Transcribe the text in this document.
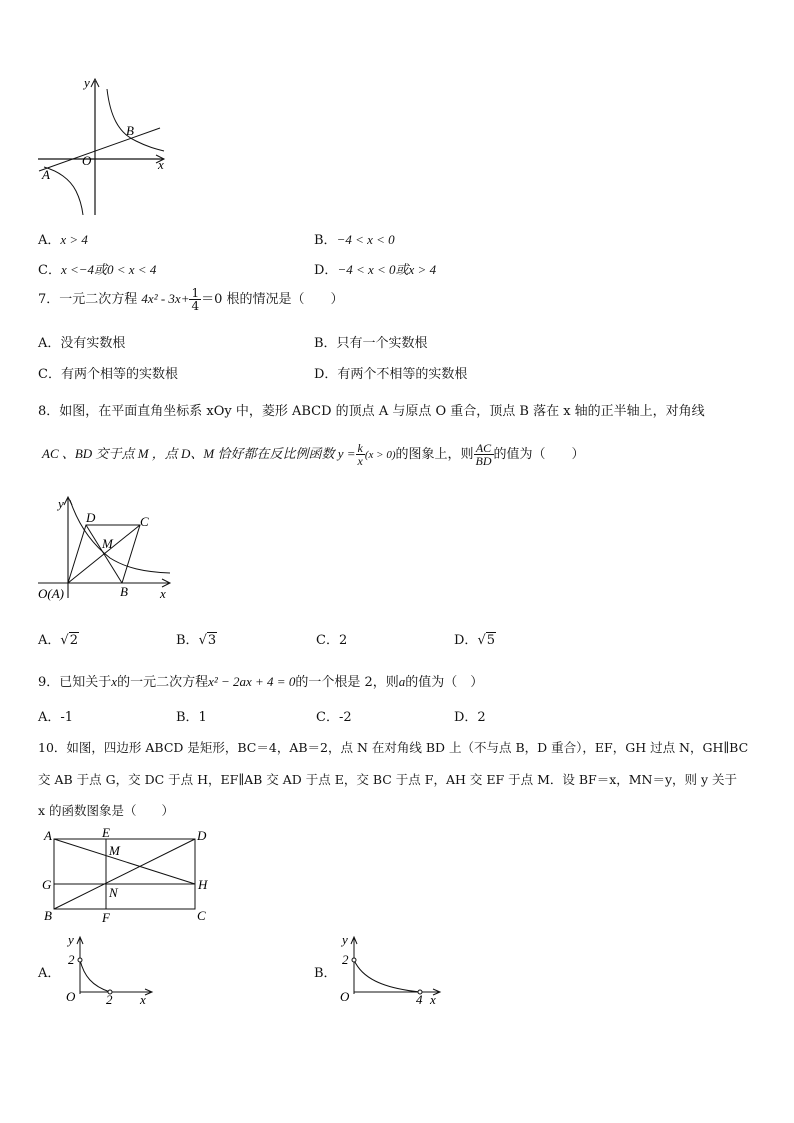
y
x
O
A
B
A．x > 4	B．−4 < x < 0
C．x <−4或0 < x < 4	D．−4 < x < 0或x > 4
7．一元二次方程 $4x^2 - 3x+ \frac{1}{4} =0$ 根的情况是（　　）
A．没有实数根	B．只有一个实数根
C．有两个相等的实数根	D．有两个不相等的实数根
8．如图，在平面直角坐标系 xOy 中，菱形 ABCD 的顶点 A 与原点 O 重合，顶点 B 落在 x 轴的正半轴上，对角线
AC 、BD 交于点 M ，点 D、M 恰好都在反比例函数 $y = \frac{k}{x} (x > 0)$的图象上，则 $\frac{AC}{BD}$ 的值为（　　）
y
x
O(A)	B
C
D
M
A．√2	B．√3	C．2	D．√5
9．已知关于x的一元二次方程x² − 2ax + 4 = 0的一个根是 2，则a的值为（　）
A．-1	B．1	C．-2	D．2
10．如图，四边形 ABCD 是矩形，BC＝4，AB＝2，点 N 在对角线 BD 上（不与点 B，D 重合），EF，GH 过点 N，GH∥BC
交 AB 于点 G，交 DC 于点 H，EF∥AB 交 AD 于点 E，交 BC 于点 F，AH 交 EF 于点 M．设 BF＝x，MN＝y，则 y 关于
x 的函数图象是（　　）
A	E	D
M
G
N
H
B	F	C
A．
y
x
O
2
2
B．
y
x
O
2
4
